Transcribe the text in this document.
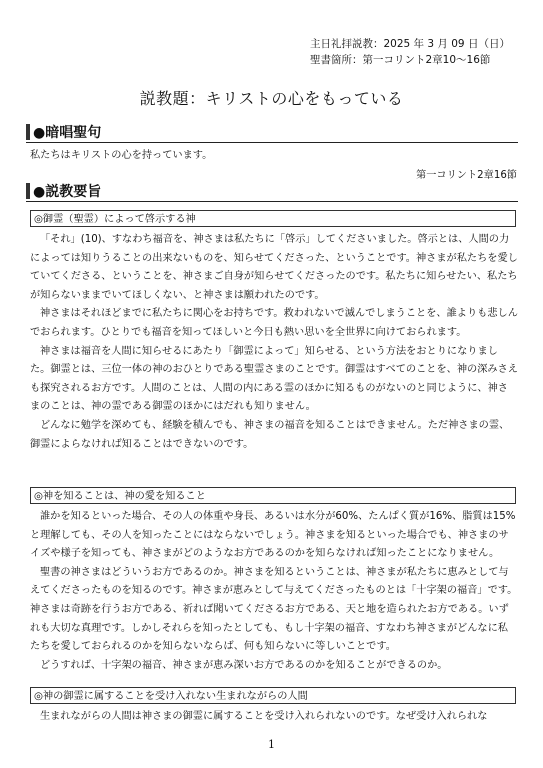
主日礼拝説教：2025 年 3 月 09 日（日）
聖書箇所：第一コリント2章10～16節
説教題：キリストの心をもっている
●暗唱聖句
私たちはキリストの心を持っています。
第一コリント2章16節
●説教要旨
◎御霊（聖霊）によって啓示する神

「それ」(10)、すなわち福音を、神さまは私たちに「啓示」してくださいました。啓示とは、人間の力によっては知りうることの出来ないものを、知らせてくださった、ということです。神さまが私たちを愛していてくださる、ということを、神さまご自身が知らせてくださったのです。私たちに知らせたい、私たちが知らないままでいてほしくない、と神さまは願われたのです。

神さまはそれほどまでに私たちに関心をお持ちです。救われないで滅んでしまうことを、誰よりも悲しんでおられます。ひとりでも福音を知ってほしいと今日も熱い思いを全世界に向けておられます。

神さまは福音を人間に知らせるにあたり「御霊によって」知らせる、という方法をおとりになりました。御霊とは、三位一体の神のおひとりである聖霊さまのことです。御霊はすべてのことを、神の深みさえも探究されるお方です。人間のことは、人間の内にある霊のほかに知るものがないのと同じように、神さまのことは、神の霊である御霊のほかにはだれも知りません。

どんなに勉学を深めても、経験を積んでも、神さまの福音を知ることはできません。ただ神さまの霊、御霊によらなければ知ることはできないのです。

◎神を知ることは、神の愛を知ること

誰かを知るといった場合、その人の体重や身長、あるいは水分が60%、たんぱく質が16%、脂質は15%と理解しても、その人を知ったことにはならないでしょう。神さまを知るといった場合でも、神さまのサイズや様子を知っても、神さまがどのようなお方であるのかを知らなければ知ったことになりません。

聖書の神さまはどういうお方であるのか。神さまを知るということは、神さまが私たちに恵みとして与えてくださったものを知るのです。神さまが恵みとして与えてくださったものとは「十字架の福音」です。神さまは奇跡を行うお方である、祈れば聞いてくださるお方である、天と地を造られたお方である。いずれも大切な真理です。しかしそれらを知ったとしても、もし十字架の福音、すなわち神さまがどんなに私たちを愛しておられるのかを知らないならば、何も知らないに等しいことです。

どうすれば、十字架の福音、神さまが恵み深いお方であるのかを知ることができるのか。

◎神の御霊に属することを受け入れない生まれながらの人間

生まれながらの人間は神さまの御霊に属することを受け入れられないのです。なぜ受け入れられな

1
